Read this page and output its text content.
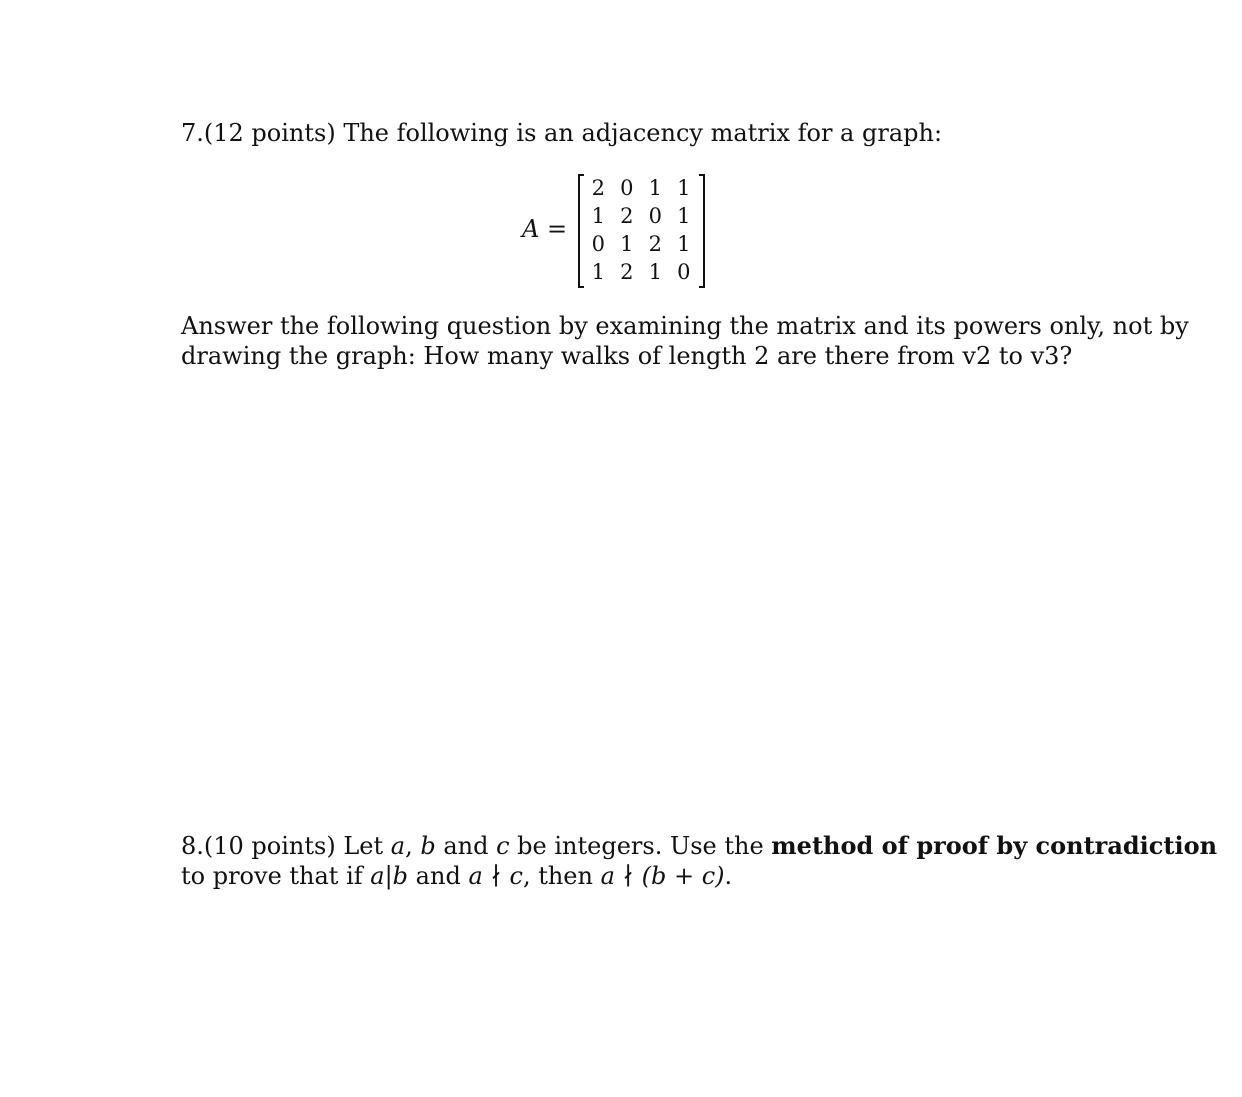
7.(12 points) The following is an adjacency matrix for a graph:

A =
2 0 1 1
1 2 0 1
0 1 2 1
1 2 1 0
Answer the following question by examining the matrix and its powers only, not by
drawing the graph: How many walks of length 2 are there from v2 to v3?
8.(10 points) Let a, b and c be integers. Use the method of proof by contradiction
to prove that if a|b and a ∤ c, then a ∤ (b + c).
